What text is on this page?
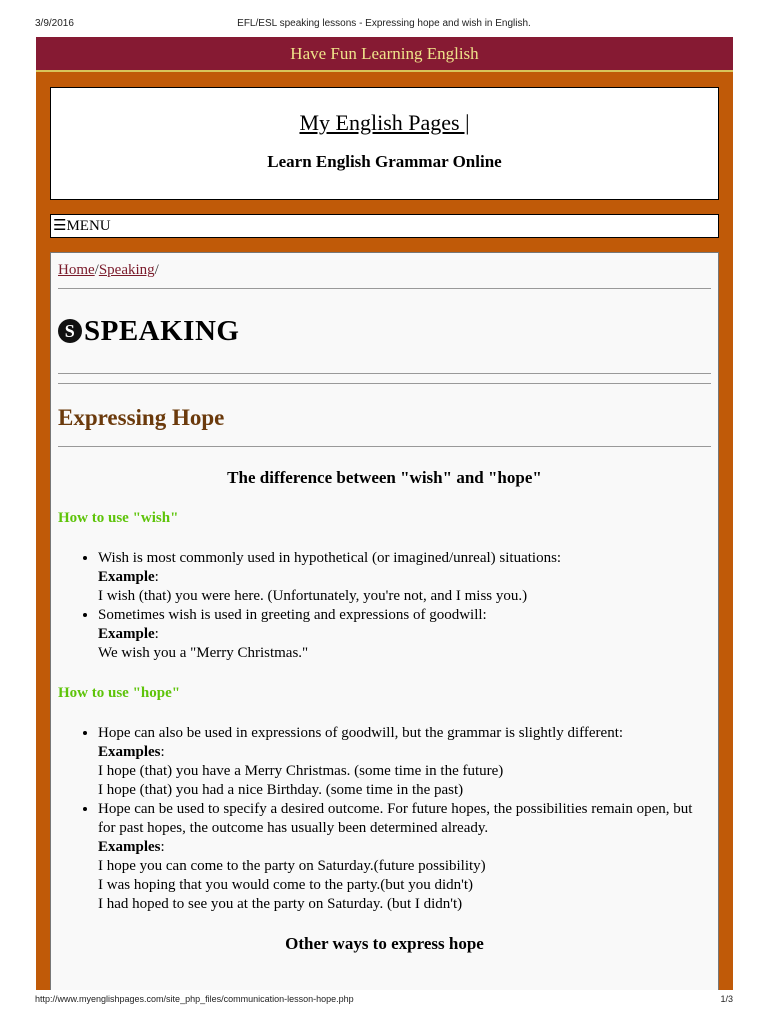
3/9/2016	EFL/ESL speaking lessons - Expressing hope and wish in English.
Have Fun Learning English
My English Pages |
Learn English Grammar Online
☰MENU
Home/Speaking/
S SPEAKING
Expressing Hope
The difference between "wish" and "hope"
How to use "wish"
• Wish is most commonly used in hypothetical (or imagined/unreal) situations:
Example:
I wish (that) you were here. (Unfortunately, you're not, and I miss you.)
• Sometimes wish is used in greeting and expressions of goodwill:
Example:
We wish you a "Merry Christmas."
How to use "hope"
• Hope can also be used in expressions of goodwill, but the grammar is slightly different:
Examples:
I hope (that) you have a Merry Christmas. (some time in the future)
I hope (that) you had a nice Birthday. (some time in the past)
• Hope can be used to specify a desired outcome. For future hopes, the possibilities remain open, but for past hopes, the outcome has usually been determined already.
Examples:
I hope you can come to the party on Saturday.(future possibility)
I was hoping that you would come to the party.(but you didn't)
I had hoped to see you at the party on Saturday. (but I didn't)
Other ways to express hope
http://www.myenglishpages.com/site_php_files/communication-lesson-hope.php	1/3
